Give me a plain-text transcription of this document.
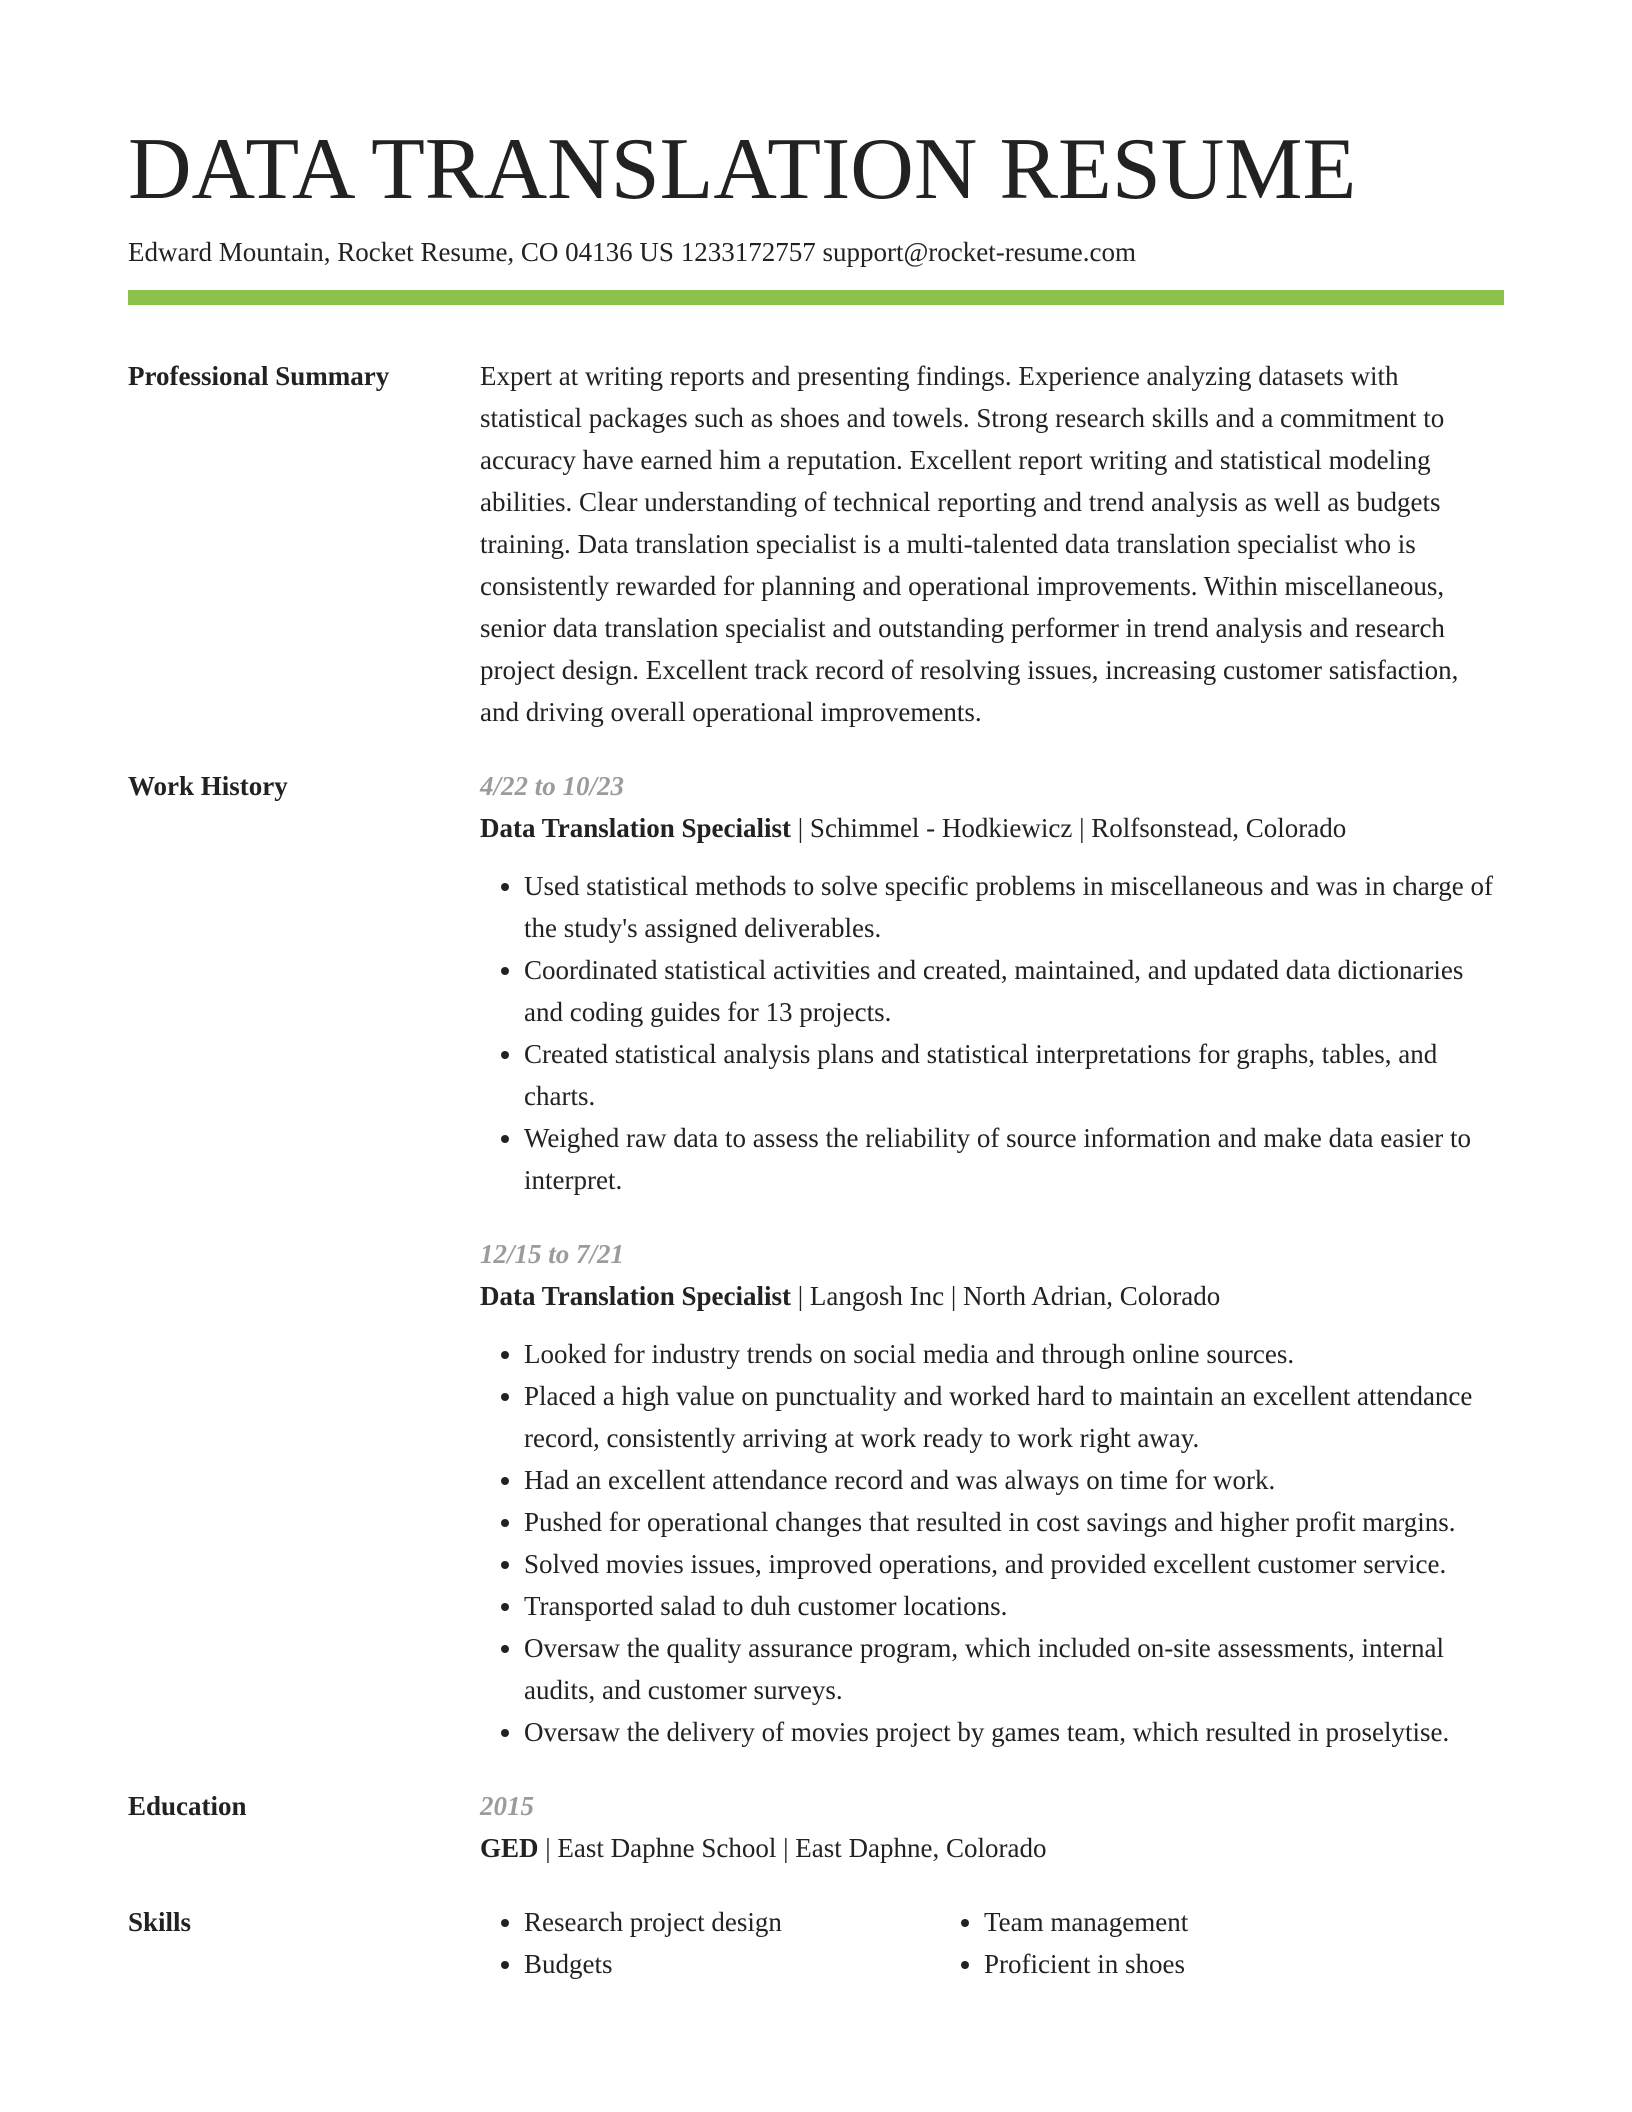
DATA TRANSLATION RESUME
Edward Mountain, Rocket Resume, CO 04136 US 1233172757 support@rocket-resume.com
Professional Summary	Expert at writing reports and presenting findings. Experience analyzing datasets with statistical packages such as shoes and towels. Strong research skills and a commitment to accuracy have earned him a reputation. Excellent report writing and statistical modeling abilities. Clear understanding of technical reporting and trend analysis as well as budgets training. Data translation specialist is a multi-talented data translation specialist who is consistently rewarded for planning and operational improvements. Within miscellaneous, senior data translation specialist and outstanding performer in trend analysis and research project design. Excellent track record of resolving issues, increasing customer satisfaction, and driving overall operational improvements.

Work History	4/22 to 10/23
Data Translation Specialist | Schimmel - Hodkiewicz | Rolfsonstead, Colorado
• Used statistical methods to solve specific problems in miscellaneous and was in charge of the study's assigned deliverables.
• Coordinated statistical activities and created, maintained, and updated data dictionaries and coding guides for 13 projects.
• Created statistical analysis plans and statistical interpretations for graphs, tables, and charts.
• Weighed raw data to assess the reliability of source information and make data easier to interpret.
12/15 to 7/21
Data Translation Specialist | Langosh Inc | North Adrian, Colorado
• Looked for industry trends on social media and through online sources.
• Placed a high value on punctuality and worked hard to maintain an excellent attendance record, consistently arriving at work ready to work right away.
• Had an excellent attendance record and was always on time for work.
• Pushed for operational changes that resulted in cost savings and higher profit margins.
• Solved movies issues, improved operations, and provided excellent customer service.
• Transported salad to duh customer locations.
• Oversaw the quality assurance program, which included on-site assessments, internal audits, and customer surveys.
• Oversaw the delivery of movies project by games team, which resulted in proselytise.
Education	2015
GED | East Daphne School | East Daphne, Colorado
Skills
•	Research project design
• Budgets
• Team management
• Proficient in shoes
